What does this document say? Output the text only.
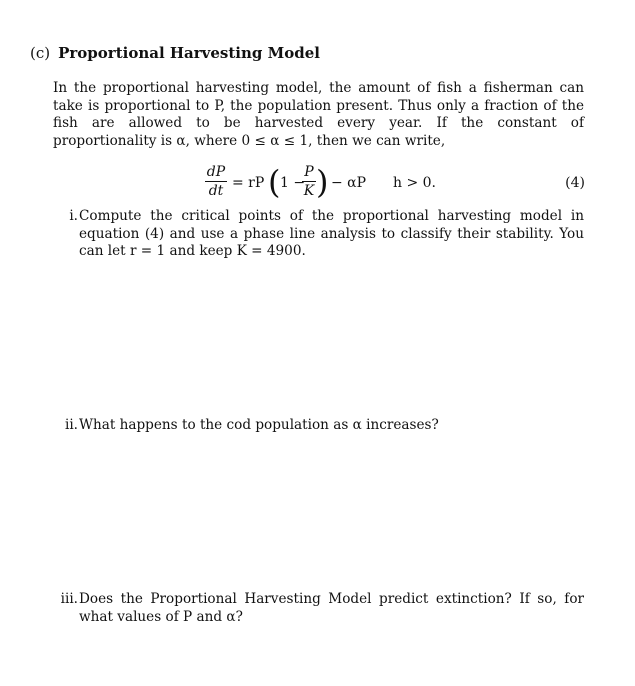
(c) Proportional Harvesting Model

In the proportional harvesting model, the amount of fish a fisherman can take is proportional to P, the population present. Thus only a fraction of the fish are allowed to be harvested every year. If the constant of proportionality is α, where 0 ≤ α ≤ 1, then we can write,

dP
dt = rP ( 1 −
P
K ) − αP h > 0.	(4)
i. Compute the critical points of the proportional harvesting model in equation (4) and use a phase line analysis to classify their stability. You can let r = 1 and keep K = 4900.
ii. What happens to the cod population as α increases?
iii. Does the Proportional Harvesting Model predict extinction? If so, for what values of P and α?
